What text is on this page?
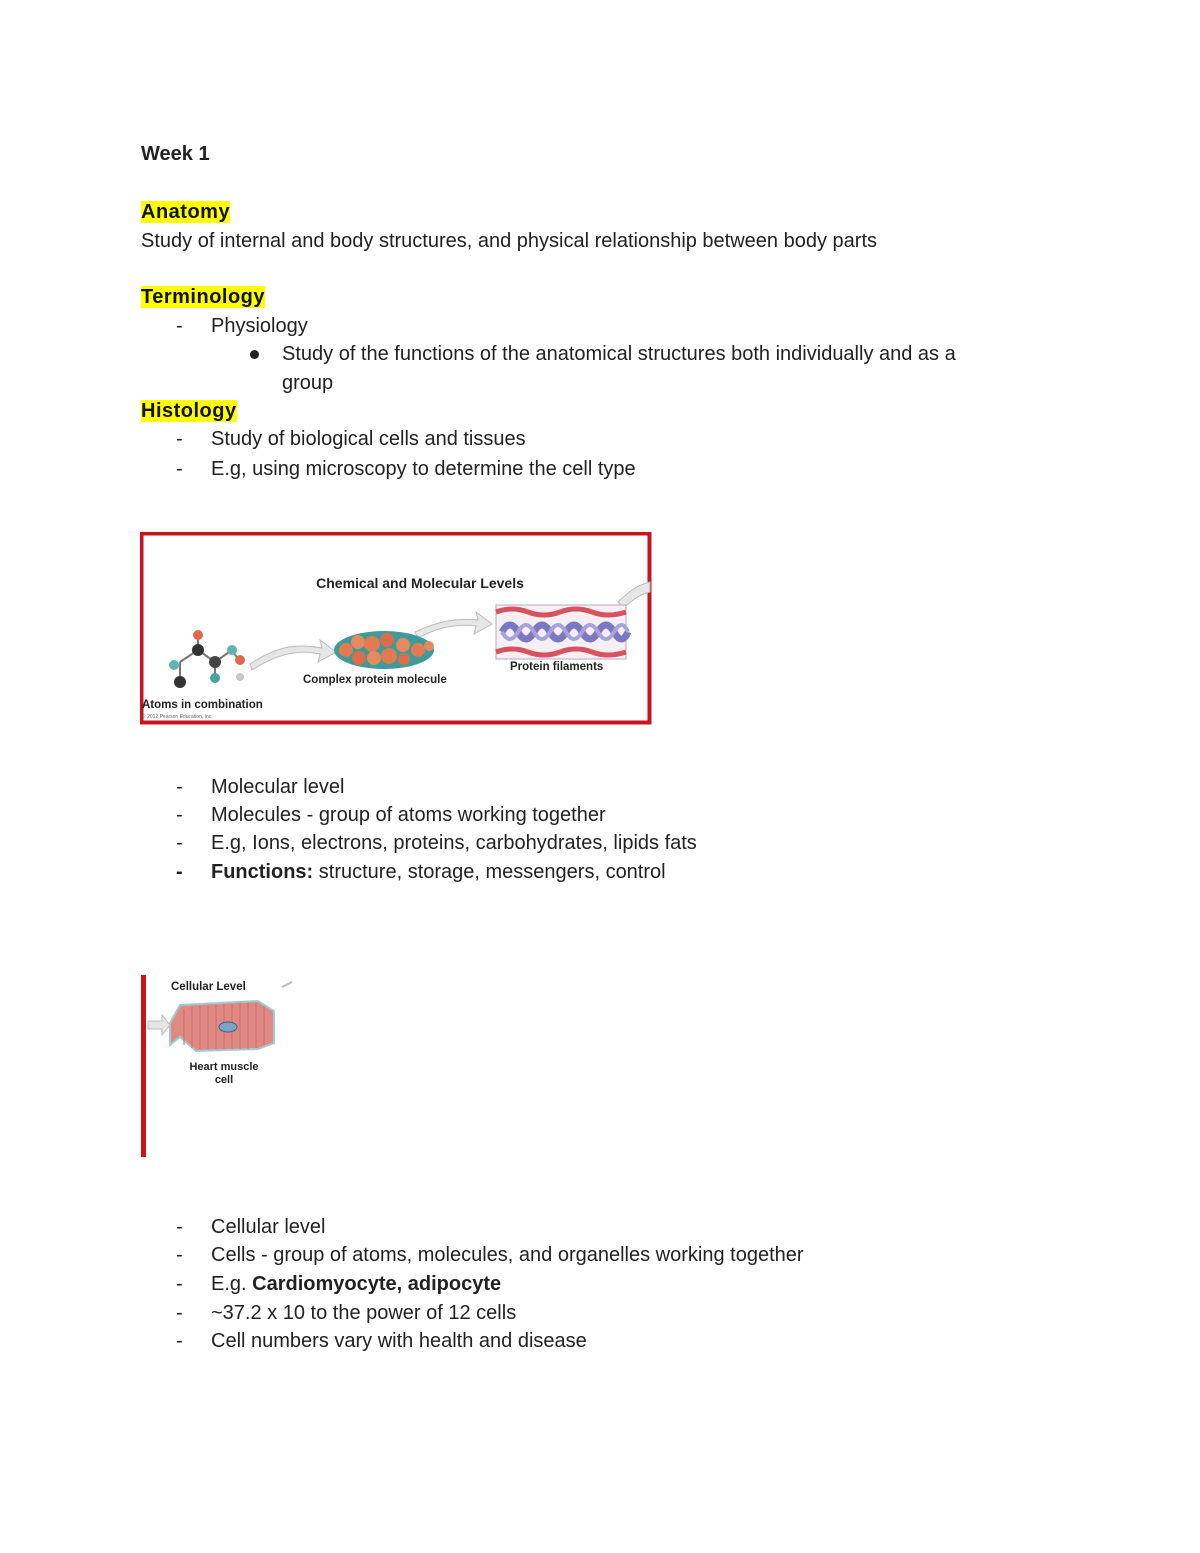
Week 1
Anatomy
Study of internal and body structures, and physical relationship between body parts
Terminology
- Physiology
Study of the functions of the anatomical structures both individually and as a
group
Histology
- Study of biological cells and tissues
- E.g, using microscopy to determine the cell type
Chemical and Molecular Levels
Atoms in combination
© 2012 Pearson Education, Inc.
Complex protein molecule
Protein filaments
- Molecular level
- Molecules - group of atoms working together
- E.g, Ions, electrons, proteins, carbohydrates, lipids fats
- Functions: structure, storage, messengers, control
Cellular Level
Heart muscle
cell
- Cellular level
- Cells - group of atoms, molecules, and organelles working together
- E.g. Cardiomyocyte, adipocyte
- ~37.2 x 10 to the power of 12 cells
- Cell numbers vary with health and disease
